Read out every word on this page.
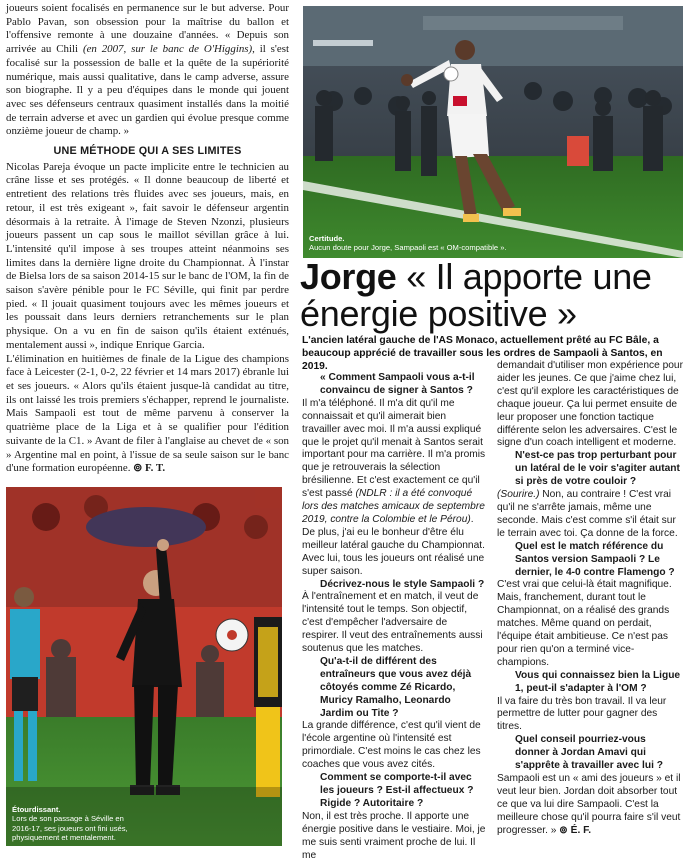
joueurs soient focalisés en permanence sur le but adverse. Pour Pablo Pavan, son obsession pour la maîtrise du ballon et l'offensive remonte à une douzaine d'années. « Depuis son arrivée au Chili (en 2007, sur le banc de O'Higgins), il s'est focalisé sur la possession de balle et la quête de la supériorité numérique, mais aussi qualitative, dans le camp adverse, assure son biographe. Il y a peu d'équipes dans le monde qui jouent avec ses défenseurs centraux quasiment installés dans la moitié de terrain adverse et avec un gardien qui évolue presque comme onzième joueur de champ. »

UNE MÉTHODE QUI A SES LIMITES

Nicolas Pareja évoque un pacte implicite entre le technicien au crâne lisse et ses protégés. « Il donne beaucoup de liberté et entretient des relations très fluides avec ses joueurs, mais, en retour, il est très exigeant », fait savoir le défenseur argentin désormais à la retraite. À l'image de Steven Nzonzi, plusieurs joueurs passent un cap sous le maillot sévillan grâce à lui. L'intensité qu'il impose à ses troupes atteint néanmoins ses limites dans la dernière ligne droite du Championnat. À l'instar de Bielsa lors de sa saison 2014-15 sur le banc de l'OM, la fin de saison s'avère pénible pour le FC Séville, qui finit par perdre pied. « Il jouait quasiment toujours avec les mêmes joueurs et les poussait dans leurs derniers retranchements sur le plan physique. On a vu en fin de saison qu'ils étaient exténués, mentalement aussi », indique Enrique Garcia.

L'élimination en huitièmes de finale de la Ligue des champions face à Leicester (2-1, 0-2, 22 février et 14 mars 2017) ébranle lui et ses joueurs. « Alors qu'ils étaient jusque-là candidat au titre, ils ont laissé les trois premiers s'échapper, reprend le journaliste. Mais Sampaoli est tout de même parvenu à conserver la quatrième place de la Liga et à se qualifier pour l'édition suivante de la C1. » Avant de filer à l'anglaise au chevet de « son » Argentine mal en point, à l'issue de sa seule saison sur le banc d'une formation européenne. ⊚ F. T.

Certitude.
Aucun doute pour Jorge, Sampaoli est « OM-compatible ».
Jorge « Il apporte une énergie positive »
L'ancien latéral gauche de l'AS Monaco, actuellement prêté au FC Bâle, a beaucoup apprécié de travailler sous les ordres de Sampaoli à Santos, en 2019.

« Comment Sampaoli vous a-t-il convaincu de signer à Santos ?

Il m'a téléphoné. Il m'a dit qu'il me connaissait et qu'il aimerait bien travailler avec moi. Il m'a aussi expliqué que le projet qu'il menait à Santos serait important pour ma carrière. Il m'a promis que je retrouverais la sélection brésilienne. Et c'est exactement ce qu'il s'est passé (NDLR : il a été convoqué lors des matches amicaux de septembre 2019, contre la Colombie et le Pérou). De plus, j'ai eu le bonheur d'être élu meilleur latéral gauche du Championnat. Avec lui, tous les joueurs ont réalisé une super saison.

Décrivez-nous le style Sampaoli ?

À l'entraînement et en match, il veut de l'intensité tout le temps. Son objectif, c'est d'empêcher l'adversaire de respirer. Il veut des entraînements aussi soutenus que les matches.

Qu'a-t-il de différent des entraîneurs que vous avez déjà côtoyés comme Zé Ricardo, Muricy Ramalho, Leonardo Jardim ou Tite ?

La grande différence, c'est qu'il vient de l'école argentine où l'intensité est primordiale. C'est moins le cas chez les coaches que vous avez cités.

Comment se comporte-t-il avec les joueurs ? Est-il affectueux ? Rigide ? Autoritaire ?

Non, il est très proche. Il apporte une énergie positive dans le vestiaire. Moi, je me suis senti vraiment proche de lui. Il me

demandait d'utiliser mon expérience pour aider les jeunes. Ce que j'aime chez lui, c'est qu'il explore les caractéristiques de chaque joueur. Ça lui permet ensuite de leur proposer une fonction tactique différente selon les adversaires. C'est le signe d'un coach intelligent et moderne.

N'est-ce pas trop perturbant pour un latéral de le voir s'agiter autant si près de votre couloir ?

(Sourire.) Non, au contraire ! C'est vrai qu'il ne s'arrête jamais, même une seconde. Mais c'est comme s'il était sur le terrain avec toi. Ça donne de la force.

Quel est le match référence du Santos version Sampaoli ? Le dernier, le 4-0 contre Flamengo ?

C'est vrai que celui-là était magnifique. Mais, franchement, durant tout le Championnat, on a réalisé des grands matches. Même quand on perdait, l'équipe était ambitieuse. Ce n'est pas pour rien qu'on a terminé vice-champions.

Vous qui connaissez bien la Ligue 1, peut-il s'adapter à l'OM ?

Il va faire du très bon travail. Il va leur permettre de lutter pour gagner des titres.

Quel conseil pourriez-vous donner à Jordan Amavi qui s'apprête à travailler avec lui ?

Sampaoli est un « ami des joueurs » et il veut leur bien. Jordan doit absorber tout ce que va lui dire Sampaoli. C'est la meilleure chose qu'il pourra faire s'il veut progresser. » ⊚ É. F.

Étourdissant.
Lors de son passage à Séville en 2016-17, ses joueurs ont fini usés, physiquement et mentalement.
